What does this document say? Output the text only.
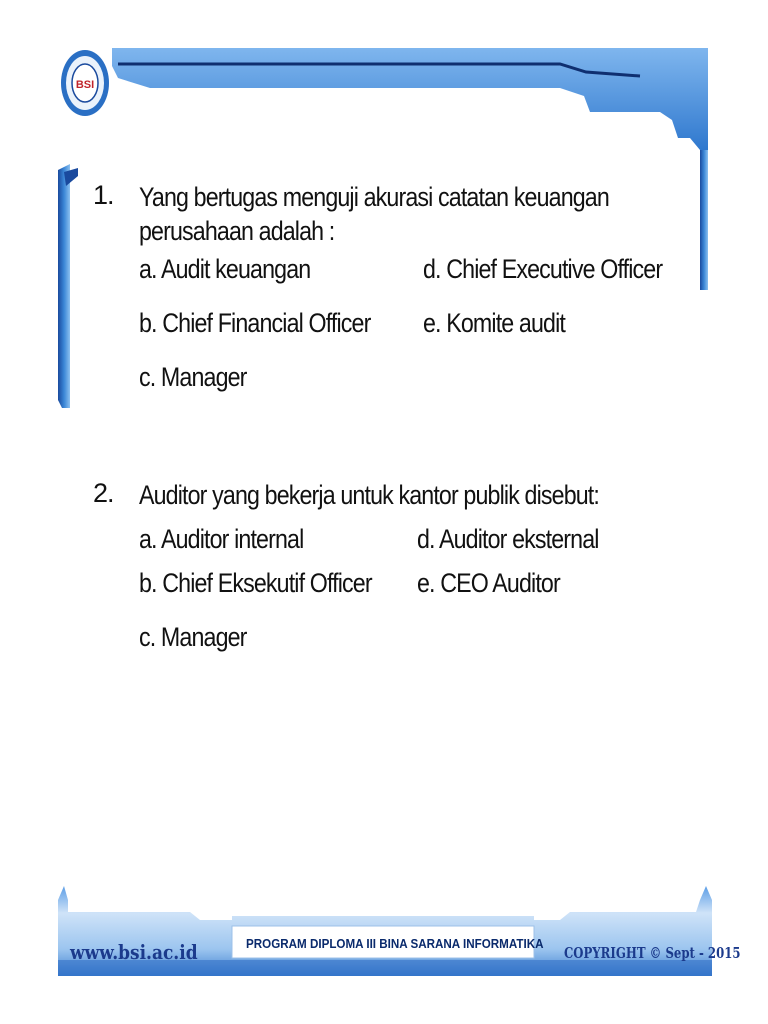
BSI
1. Yang bertugas menguji akurasi catatan keuangan
perusahaan adalah :
a. Audit keuangan	d. Chief Executive Officer
b. Chief Financial Officer e. Komite audit
c. Manager
2. Auditor yang bekerja untuk kantor publik disebut:
a. Auditor internal	d. Auditor eksternal
b. Chief Eksekutif Officer e. CEO Auditor
c. Manager
www.bsi.ac.id	PROGRAM DIPLOMA III BINA SARANA INFORMATIKA COPYRIGHT © Sept - 2015
